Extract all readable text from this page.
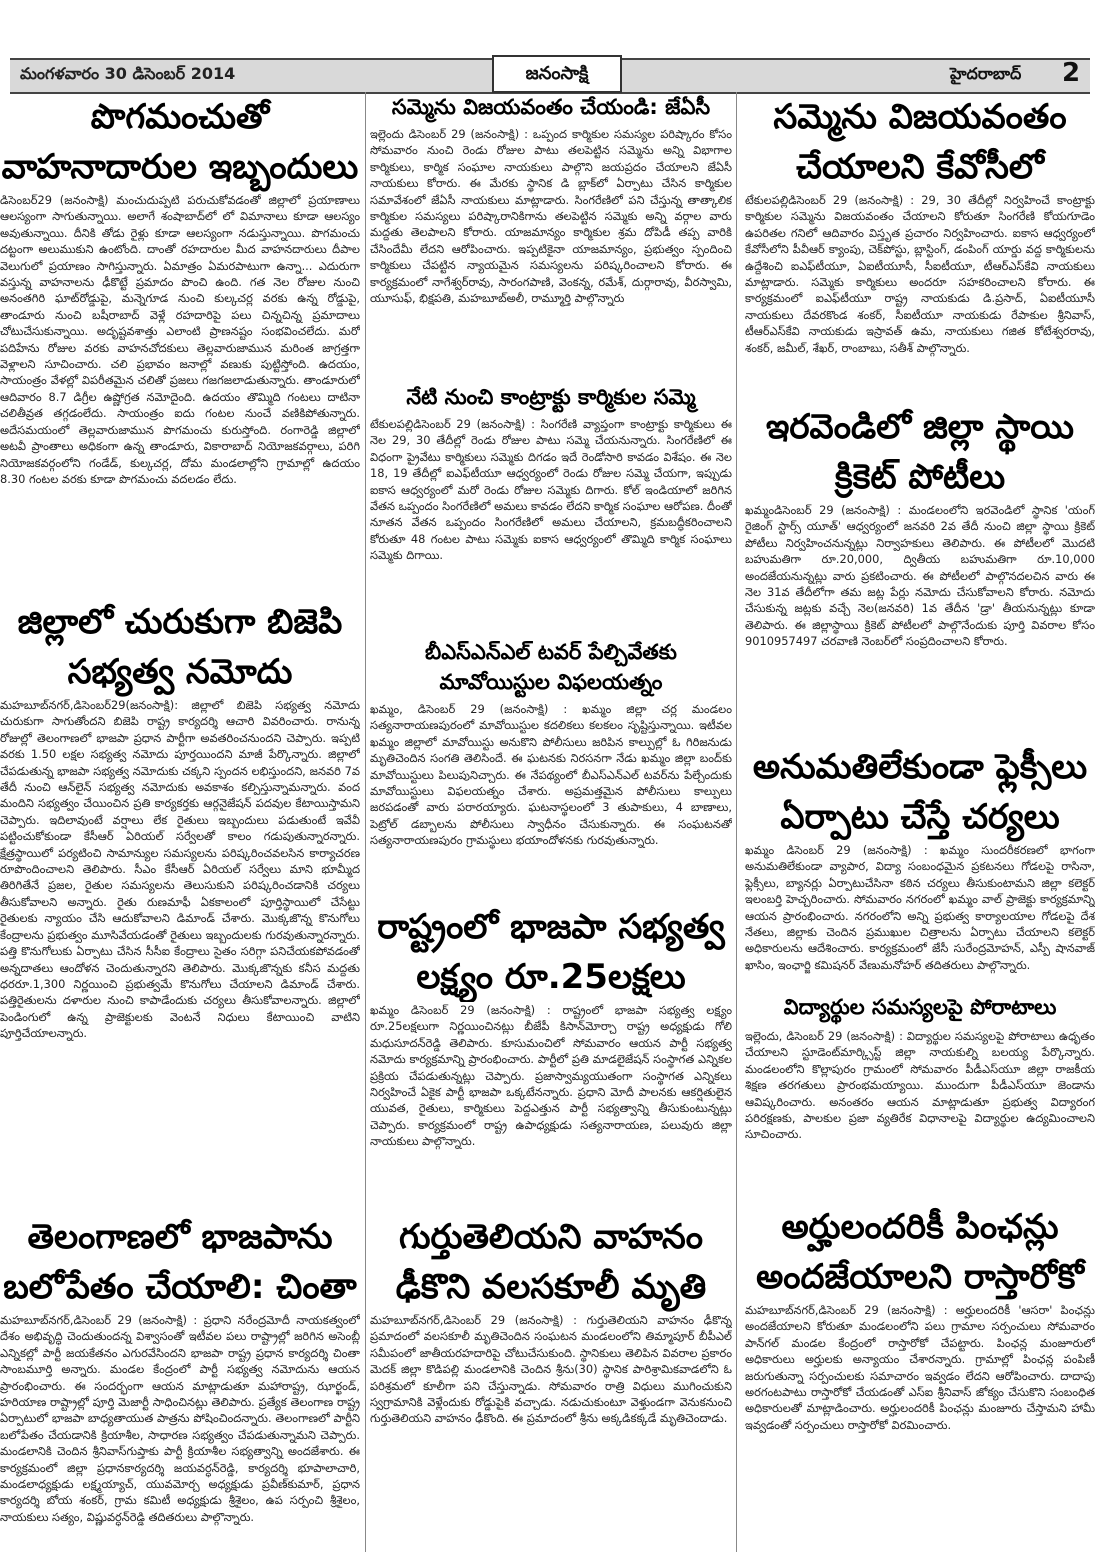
మంగళవారం 30 డిసెంబర్ 2014	జనంసాక్షి	హైదరాబాద్ 2
పొగమంచుతో వాహనాదారుల ఇబ్బందులు
డిసెంబర్29 (జనంసాక్షి) మంచుదుప్పటి పరుచుకోవడంతో జిల్లాలో ప్రయాణాలు ఆలస్యంగా సాగుతున్నాయి. అలాగే శంషాబాద్‌లో లో విమానాలు కూడా ఆలస్యం అవుతున్నాయి. దీనికి తోడు రైళ్లు కూడా ఆలస్యంగా నడుస్తున్నాయి. పొగమంచు దట్టంగా అలుముకుని ఉంటోంది. దాంతో రహదారుల మీద వాహనదారులు దీపాల వెలుగులో ప్రయాణం సాగిస్తున్నారు. ఏమాత్రం ఏమరపాటుగా ఉన్నా... ఎదురుగా వస్తున్న వాహనాలను ఢీకొట్టే ప్రమాదం పొంచి ఉంది. గత నెల రోజుల నుంచి అనంతగిరి ఘాట్‌రోడ్డుపై, మన్నెగూడ నుంచి కుల్కచర్ల వరకు ఉన్న రోడ్డుపై, తాండూరు నుంచి బషీరాబాద్ వెళ్లే రహదారిపై పలు చిన్నచిన్న ప్రమాదాలు చోటుచేసుకున్నాయి. అదృష్టవశాత్తు ఎలాంటి ప్రాణనష్టం సంభవించలేదు. మరో పదిహేను రోజుల వరకు వాహనచోదకులు తెల్లవారుజామున మరింత జాగ్రత్తగా వెళ్లాలని సూచించారు. చలి ప్రభావం జనాల్లో వణుకు పుట్టిస్తోంది. ఉదయం, సాయంత్రం వేళల్లో విపరీతమైన చలితో ప్రజలు గజగజలాడుతున్నారు. తాండూరులో ఆదివారం 8.7 డిగ్రీల ఉష్ణోగ్రత నమోదైంది. ఉదయం తొమ్మిది గంటలు దాటినా చలితీవ్రత తగ్గడంలేదు. సాయంత్రం ఐదు గంటల నుంచే వణికిపోతున్నారు. అదేసమయంలో తెల్లవారుజామున పొగమంచు కురుస్తోంది. రంగారెడ్డి జిల్లాలో అటవీ ప్రాంతాలు అధికంగా ఉన్న తాండూరు, వికారాబాద్ నియోజకవర్గాలు, పరిగి నియోజకవర్గంలోని గండేడ్, కుల్కచర్ల, దోమ మండలాల్లోని గ్రామాల్లో ఉదయం 8.30 గంటల వరకు కూడా పొగమంచు వదలడం లేదు.
జిల్లాలో చురుకుగా బిజెపి సభ్యత్వ నమోదు
మహబూబ్‌నగర్,డిసెంబర్29(జనంసాక్షి): జిల్లాలో బిజెపి సభ్యత్వ నమోదు చురుకుగా సాగుతోందని బిజెపి రాష్ట్ర కార్యదర్శి ఆచారి వివరించారు. రానున్న రోజుల్లో తెలంగాణలో భాజపా ప్రధాన పార్టీగా అవతరించనుందని చెప్పారు. ఇప్పటి వరకు 1.50 లక్షల సభ్యత్వ నమోదు పూర్తయిందని మాజీ పేర్కొన్నారు. జిల్లాలో చేపడుతున్న భాజపా సభ్యత్వ నమోదుకు చక్కని స్పందన లభిస్తుందని, జనవరి 7వ తేదీ నుంచి ఆన్‌లైన్ సభ్యత్వ నమోదుకు అవకాశం కల్పిస్తున్నామన్నారు. వంద మందిని సభ్యత్వం చేయించిన ప్రతి కార్యకర్తకు ఆర్గనైజేషన్ పదవుల కేటాయిస్తామని చెప్పారు. ఇదిలావుంటే వర్షాలు లేక రైతులు ఇబ్బందులు పడుతుంటే ఇవేవీ పట్టించుకోకుండా కేసీఆర్ ఏరియల్ సర్వేలతో కాలం గడుపుతున్నారన్నారు. క్షేత్రస్థాయిలో పర్యటించి సామాన్యుల సమస్యలను పరిష్కరించవలసిన కార్యాచరణ రూపొందించాలని తెలిపారు. సీఎం కేసీఆర్ ఏరియల్ సర్వేలు మాని భూమ్మీద తిరిగితేనే ప్రజల, రైతుల సమస్యలను తెలుసుకుని పరిష్కరించడానికి చర్యలు తీసుకోవాలని అన్నారు. రైతు రుణమాఫీ ఏకకాలంలో పూర్తిస్థాయిలో చేసేట్టు రైతులకు న్యాయం చేసి ఆదుకోవాలని డిమాండ్ చేశారు. మొక్కజొన్న కొనుగోలు కేంద్రాలను ప్రభుత్వం మూసివేయడంతో రైతులు ఇబ్బందులకు గురవుతున్నారన్నారు. పత్తి కొనుగోలుకు ఏర్పాటు చేసిన సీసీఐ కేంద్రాలు సైతం సరిగ్గా పనిచేయకపోవడంతో అన్నదాతలు ఆందోళన చెందుతున్నారని తెలిపారు. మొక్కజొన్నకు కనీస మద్దతు ధరరూ.1,300 నిర్ణయించి ప్రభుత్వమే కొనుగోలు చేయాలని డిమాండ్ చేశారు. పత్తిరైతులను దళారుల నుంచి కాపాడేందుకు చర్యలు తీసుకోవాలన్నారు. జిల్లాలో పెండింగులో ఉన్న ప్రాజెక్టులకు వెంటనే నిధులు కేటాయించి వాటిని పూర్తిచేయాలన్నారు.
తెలంగాణలో భాజపాను బలోపేతం చేయాలి: చింతా
మహబూబ్‌నగర్,డిసెంబర్ 29 (జనంసాక్షి) : ప్రధాని నరేంద్రమోదీ నాయకత్వంలో దేశం అభివృద్ధి చెందుతుందన్న విశ్వాసంతో ఇటీవల పలు రాష్ట్రాల్లో జరిగిన అసెంబ్లీ ఎన్నికల్లో పార్టీ జయకేతనం ఎగురవేసిందని భాజపా రాష్ట్ర ప్రధాన కార్యదర్శి చింతా సాంబమూర్తి అన్నారు. మండల కేంద్రంలో పార్టీ సభ్యత్వ నమోదును ఆయన ప్రారంభించారు. ఈ సందర్భంగా ఆయన మాట్లాడుతూ మహారాష్ట్ర, ఝార్ఖండ్, హరియాణ రాష్ట్రాల్లో పూర్తి మెజార్టీ సాధించినట్లు తెలిపారు. ప్రత్యేక తెలంగాణ రాష్ట్ర ఏర్పాటులో భాజపా బాధ్యతాయుత పాత్రను పోషించిందన్నారు. తెలంగాణలో పార్టీని బలోపేతం చేయడానికి క్రియాశీల, సాధారణ సభ్యత్వం చేపడుతున్నామని చెప్పారు. మండలానికి చెందిన శ్రీనివాస్‌గుప్తాకు పార్టీ క్రియాశీల సభ్యత్వాన్ని అందజేశారు. ఈ కార్యక్రమంలో జిల్లా ప్రధానకార్యదర్శి జయవర్ధన్‌రెడ్డి, కార్యదర్శి భూపాలాచారి, మండలాధ్యక్షుడు లక్ష్మయ్యాచ్, యువమోర్చ అధ్యక్షుడు ప్రవీణ్‌కుమార్, ప్రధాన కార్యదర్శి బోయ శంకర్, గ్రామ కమిటీ అధ్యక్షుడు శ్రీశైలం, ఉప సర్పంచి శ్రీశైలం, నాయకులు సత్యం, విష్ణువర్ధన్‌రెడ్డి తదితరులు పాల్గొన్నారు.
సమ్మెను విజయవంతం చేయండి: జేఏసీ
ఇల్లెందు డిసెంబర్ 29 (జనంసాక్షి) : ఒప్పంద కార్మికుల సమస్యల పరిష్కారం కోసం సోమవారం నుంచి రెండు రోజుల పాటు తలపెట్టిన సమ్మెను అన్ని విభాగాల కార్మికులు, కార్మిక సంఘాల నాయకులు పాల్గొని జయప్రదం చేయాలని జేఏసీ నాయకులు కోరారు. ఈ మేరకు స్థానిక డి బ్లాక్‌లో ఏర్పాటు చేసిన కార్మికుల సమావేశంలో జేఏసీ నాయకులు మాట్లాడారు. సింగరేణిలో పని చేస్తున్న తాత్కాలిక కార్మికుల సమస్యలు పరిష్కారానికిగాను తలపెట్టిన సమ్మెకు అన్ని వర్గాల వారు మద్దతు తెలపాలని కోరారు. యాజమాన్యం కార్మికుల శ్రమ దోపిడీ తప్ప వారికి చేసిందేమీ లేదని ఆరోపించారు. ఇప్పటికైనా యాజమాన్యం, ప్రభుత్వం స్పందించి కార్మికులు చేపట్టిన న్యాయమైన సమస్యలను పరిష్కరించాలని కోరారు. ఈ కార్యక్రమంలో నాగేశ్వర్‌రావు, సారంగపాణి, వెంకన్న, రమేశ్, దుర్గారావు, వీరస్వామి, యూసుఫ్, భిక్షపతి, మహబూబ్‌అలీ, రామ్మూర్తి పాల్గొన్నారు
నేటి నుంచి కాంట్రాక్టు కార్మికుల సమ్మె
టేకులపల్లిడిసెంబర్ 29 (జనంసాక్షి) : సింగరేణి వ్యాప్తంగా కాంట్రాక్టు కార్మికులు ఈ నెల 29, 30 తేదీల్లో రెండు రోజుల పాటు సమ్మె చేయనున్నారు. సింగరేణిలో ఈ విధంగా ప్రైవేటు కార్మికులు సమ్మెకు దిగడం ఇదే రెండోసారి కావడం విశేషం. ఈ నెల 18, 19 తేదీల్లో ఐఎఫ్‌టీయూ ఆధ్వర్యంలో రెండు రోజుల సమ్మె చేయగా, ఇప్పుడు ఐకాస ఆధ్వర్యంలో మరో రెండు రోజుల సమ్మెకు దిగారు. కోల్ ఇండియాలో జరిగిన వేతన ఒప్పందం సింగరేణిలో అమలు కావడం లేదని కార్మిక సంఘాల ఆరోపణ. దీంతో నూతన వేతన ఒప్పందం సింగరేణిలో అమలు చేయాలని, క్రమబద్ధీకరించాలని కోరుతూ 48 గంటల పాటు సమ్మెకు ఐకాస ఆధ్వర్యంలో తొమ్మిది కార్మిక సంఘాలు సమ్మెకు దిగాయి.
బీఎస్‌ఎన్‌ఎల్ టవర్ పేల్చివేతకు మావోయిస్టుల విఫలయత్నం
ఖమ్మం, డిసెంబర్ 29 (జనంసాక్షి) : ఖమ్మం జిల్లా చర్ల మండలం సత్యనారాయణపురంలో మావోయిస్టుల కదలికలు కలకలం సృష్టిస్తున్నాయి. ఇటీవల ఖమ్మం జిల్లాలో మావోయిస్టు అనుకొని పోలీసులు జరిపిన కాల్పుల్లో ఓ గిరిజనుడు మృతిచెందిన సంగతి తెలిసిందే. ఈ ఘటనకు నిరసనగా నేడు ఖమ్మం జిల్లా బంద్‌కు మావోయిస్టులు పిలుపునిచ్చారు. ఈ నేపథ్యంలో బీఎస్‌ఎన్‌ఎల్ టవర్‌ను పేల్చేందుకు మావోయిస్టులు విఫలయత్నం చేశారు. అప్రమత్తమైన పోలీసులు కాల్పులు జరపడంతో వారు పరారయ్యారు. ఘటనాస్థలంలో 3 తుపాకులు, 4 బాణాలు, పెట్రోల్ డబ్బాలను పోలీసులు స్వాధీనం చేసుకున్నారు. ఈ సంఘటనతో సత్యనారాయణపురం గ్రామస్థులు భయాందోళనకు గురవుతున్నారు.
రాష్ట్రంలో భాజపా సభ్యత్వ లక్ష్యం రూ.25లక్షలు
ఖమ్మం డిసెంబర్ 29 (జనంసాక్షి) : రాష్ట్రంలో భాజపా సభ్యత్వ లక్ష్యం రూ.25లక్షలుగా నిర్ణయించినట్లు బీజేపీ కిసాన్‌మోర్చా రాష్ట్ర అధ్యక్షుడు గోలి మధుసూదన్‌రెడ్డి తెలిపారు. కూసుమంచిలో సోమవారం ఆయన పార్టీ సభ్యత్వ నమోదు కార్యక్రమాన్ని ప్రారంభించారు. పార్టీలో ప్రతి మాడలైజేషన్ సంస్థాగత ఎన్నికల ప్రక్రియ చేపడుతున్నట్లు చెప్పారు. ప్రజాస్వామ్యయుతంగా సంస్థాగత ఎన్నికలు నిర్వహించే ఏకైక పార్టీ భాజపా ఒక్కటేనన్నారు. ప్రధాని మోదీ పాలనకు ఆకర్షితులైన యువత, రైతులు, కార్మికులు పెద్దఎత్తున పార్టీ సభ్యత్వాన్ని తీసుకుంటున్నట్లు చెప్పారు. కార్యక్రమంలో రాష్ట్ర ఉపాధ్యక్షుడు సత్యనారాయణ, పలువురు జిల్లా నాయకులు పాల్గొన్నారు.
గుర్తుతెలియని వాహనం ఢీకొని వలసకూలీ మృతి
మహబూబ్‌నగర్,డిసెంబర్ 29 (జనంసాక్షి) : గుర్తుతెలియని వాహనం ఢీకొన్న ప్రమాదంలో వలసకూలీ మృతిచెందిన సంఘటన మండలంలోని తిమ్మాపూర్ బీపీఎల్ సమీపంలో జాతీయరహదారిపై చోటుచేసుకుంది. స్థానికులు తెలిపిన వివరాల ప్రకారం మెదక్ జిల్లా కొడిపల్లి మండలానికి చెందిన శ్రీను(30) స్థానిక పారిశ్రామికవాడలోని ఓ పరిశ్రమలో కూలీగా పని చేస్తున్నాడు. సోమవారం రాత్రి విధులు ముగించుకుని స్వగ్రామానికి వెళ్లేందుకు రోడ్డుపైకి వచ్చాడు. నడుచుకుంటూ వెళ్తుండగా వెనుకనుంచి గుర్తుతెలియని వాహనం ఢీకొంది. ఈ ప్రమాదంలో శ్రీను అక్కడికక్కడే మృతిచెందాడు.
సమ్మెను విజయవంతం చేయాలని కేవోసీలో
టేకులపల్లిడిసెంబర్ 29 (జనంసాక్షి) : 29, 30 తేదీల్లో నిర్వహించే కాంట్రాక్టు కార్మికుల సమ్మెను విజయవంతం చేయాలని కోరుతూ సింగరేణి కోయగూడెం ఉపరితల గనిలో ఆదివారం విస్తృత ప్రచారం నిర్వహించారు. ఐకాస ఆధ్వర్యంలో కేవోసీలోని పీవీఆర్ క్యాంపు, చెక్‌పోస్టు, బ్లాస్టింగ్, డంపింగ్ యార్డు వద్ద కార్మికులను ఉద్దేశించి ఐఎఫ్‌టీయూ, ఏఐటీయూసీ, సీఐటీయూ, టీఆర్‌ఎస్‌కేవి నాయకులు మాట్లాడారు. సమ్మెకు కార్మికులు అందరూ సహకరించాలని కోరారు. ఈ కార్యక్రమంలో ఐఎఫ్‌టీయూ రాష్ట్ర నాయకుడు డి.ప్రసాద్, ఏఐటీయూసీ నాయకులు దేవరకొండ శంకర్, సీఐటీయూ నాయకుడు రేపాకుల శ్రీనివాస్, టీఆర్‌ఎస్‌కేవి నాయకుడు ఇస్రావత్ ఉమ, నాయకులు గజిత కోటేశ్వరరావు, శంకర్, జమీల్, శేఖర్, రాంబాబు, సతీశ్ పాల్గొన్నారు.
ఇరవెండిలో జిల్లా స్థాయి క్రికెట్ పోటీలు
ఖమ్మండిసెంబర్ 29 (జనంసాక్షి) : మండలంలోని ఇరవెండిలో స్థానిక 'యంగ్ రైజింగ్ స్టార్స్ యూత్' ఆధ్వర్యంలో జనవరి 2వ తేదీ నుంచి జిల్లా స్థాయి క్రికెట్ పోటీలు నిర్వహించనున్నట్లు నిర్వాహకులు తెలిపారు. ఈ పోటీలలో మొదటి బహుమతిగా రూ.20,000, ద్వితీయ బహుమతిగా రూ.10,000 అందజేయనున్నట్లు వారు ప్రకటించారు. ఈ పోటీలలో పాల్గొనదలచిన వారు ఈ నెల 31వ తేదీలోగా తమ జట్ల పేర్లు నమోదు చేసుకోవాలని కోరారు. నమోదు చేసుకున్న జట్లకు వచ్చే నెల(జనవరి) 1వ తేదీన 'డ్రా' తీయనున్నట్లు కూడా తెలిపారు. ఈ జిల్లాస్థాయి క్రికెట్ పోటీలలో పాల్గొనేందుకు పూర్తి వివరాల కోసం 9010957497 చరవాణి నెంబర్‌లో సంప్రదించాలని కోరారు.
అనుమతిలేకుండా ఫ్లెక్సీలు ఏర్పాటు చేస్తే చర్యలు
ఖమ్మం డిసెంబర్ 29 (జనంసాక్షి) : ఖమ్మం సుందరీకరణలో భాగంగా అనుమతిలేకుండా వ్యాపార, విద్యా సంబంధమైన ప్రకటనలు గోడలపై రాసినా, ఫ్లెక్సీలు, బ్యానర్లు ఏర్పాటుచేసినా కఠిన చర్యలు తీసుకుంటామని జిల్లా కలెక్టర్ ఇలంబర్తి హెచ్చరించారు. సోమవారం నగరంలో ఖమ్మం వాల్ ప్రాజెక్టు కార్యక్రమాన్ని ఆయన ప్రారంభించారు. నగరంలోని అన్ని ప్రభుత్వ కార్యాలయాల గోడలపై దేశ నేతలు, జిల్లాకు చెందిన ప్రముఖుల చిత్రాలను ఏర్పాటు చేయాలని కలెక్టర్ అధికారులను ఆదేశించారు. కార్యక్రమంలో జేసీ సురేంద్రమోహన్, ఎస్పీ షానవాజ్ ఖాసిం, ఇంఛార్జి కమిషనర్ వేణుమనోహర్ తదితరులు పాల్గొన్నారు.
విద్యార్థుల సమస్యలపై పోరాటాలు
ఇల్లెందు, డిసెంబర్ 29 (జనంసాక్షి) : విద్యార్థుల సమస్యలపై పోరాటాలు ఉధృతం చేయాలని స్టూడెంట్‌మార్క్సిస్ట్ జిల్లా నాయకుల్ని బలయ్య పేర్కొన్నారు. మండలంలోని కొల్లాపురం గ్రామంలో సోమవారం పీడీఎస్‌యూ జిల్లా రాజకీయ శిక్షణ తరగతులు ప్రారంభమయ్యాయి. ముందుగా పీడీఎస్‌యూ జెండాను ఆవిష్కరించారు. అనంతరం ఆయన మాట్లాడుతూ ప్రభుత్వ విద్యారంగ పరిరక్షణకు, పాలకుల ప్రజా వ్యతిరేక విధానాలపై విద్యార్థుల ఉద్యమించాలని సూచించారు.
అర్హులందరికీ పింఛన్లు అందజేయాలని రాస్తారోకో
మహబూబ్‌నగర్,డిసెంబర్ 29 (జనంసాక్షి) : అర్హులందరికీ 'ఆసరా' పింఛన్లు అందజేయాలని కోరుతూ మండలంలోని పలు గ్రామాల సర్పంచులు సోమవారం పాన్‌గల్ మండల కేంద్రంలో రాస్తారోకో చేపట్టారు. పింఛన్ల మంజూరులో అధికారులు అర్హులకు అన్యాయం చేశారన్నారు. గ్రామాల్లో పింఛన్ల పంపిణీ జరుగుతున్నా సర్పంచులకు సమాచారం ఇవ్వడం లేదని ఆరోపించారు. దాదాపు అరగంటపాటు రాస్తారోకో చేయడంతో ఎస్‌ఐ శ్రీనివాస్ జోక్యం చేసుకొని సంబంధిత అధికారులతో మాట్లాడించారు. అర్హులందరికీ పింఛన్లు మంజూరు చేస్తామని హామీ ఇవ్వడంతో సర్పంచులు రాస్తారోకో విరమించారు.
